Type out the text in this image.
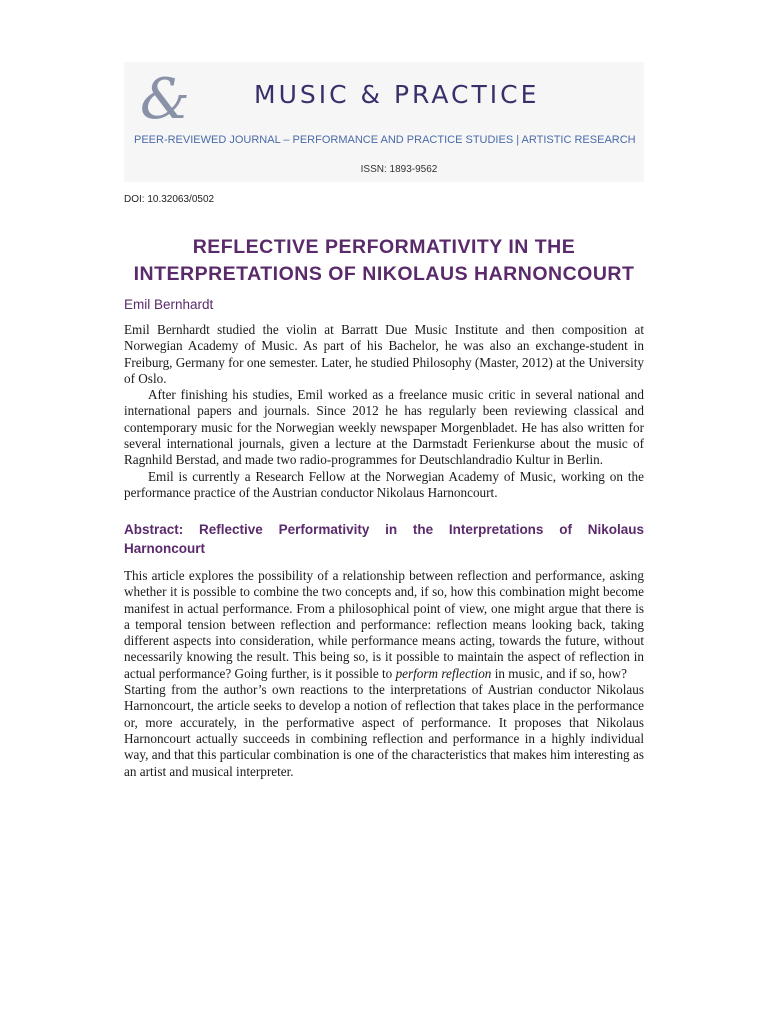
&	MUSIC & PRACTICE
PEER-REVIEWED JOURNAL – PERFORMANCE AND PRACTICE STUDIES | ARTISTIC RESEARCH
ISSN: 1893-9562
DOI: 10.32063/0502
REFLECTIVE PERFORMATIVITY IN THE INTERPRETATIONS OF NIKOLAUS HARNONCOURT
Emil Bernhardt

Emil Bernhardt studied the violin at Barratt Due Music Institute and then composition at Norwegian Academy of Music. As part of his Bachelor, he was also an exchange-student in Freiburg, Germany for one semester. Later, he studied Philosophy (Master, 2012) at the University of Oslo.

After finishing his studies, Emil worked as a freelance music critic in several national and international papers and journals. Since 2012 he has regularly been reviewing classical and contemporary music for the Norwegian weekly newspaper Morgenbladet. He has also written for several international journals, given a lecture at the Darmstadt Ferienkurse about the music of Ragnhild Berstad, and made two radio-programmes for Deutschlandradio Kultur in Berlin.

Emil is currently a Research Fellow at the Norwegian Academy of Music, working on the performance practice of the Austrian conductor Nikolaus Harnoncourt.

Abstract: Reflective Performativity in the Interpretations of Nikolaus Harnoncourt

This article explores the possibility of a relationship between reflection and performance, asking whether it is possible to combine the two concepts and, if so, how this combination might become manifest in actual performance. From a philosophical point of view, one might argue that there is a temporal tension between reflection and performance: reflection means looking back, taking different aspects into consideration, while performance means acting, towards the future, without necessarily knowing the result. This being so, is it possible to maintain the aspect of reflection in actual performance? Going further, is it possible to perform reflection in music, and if so, how?

Starting from the author’s own reactions to the interpretations of Austrian conductor Nikolaus Harnoncourt, the article seeks to develop a notion of reflection that takes place in the performance or, more accurately, in the performative aspect of performance. It proposes that Nikolaus Harnoncourt actually succeeds in combining reflection and performance in a highly individual way, and that this particular combination is one of the characteristics that makes him interesting as an artist and musical interpreter.
